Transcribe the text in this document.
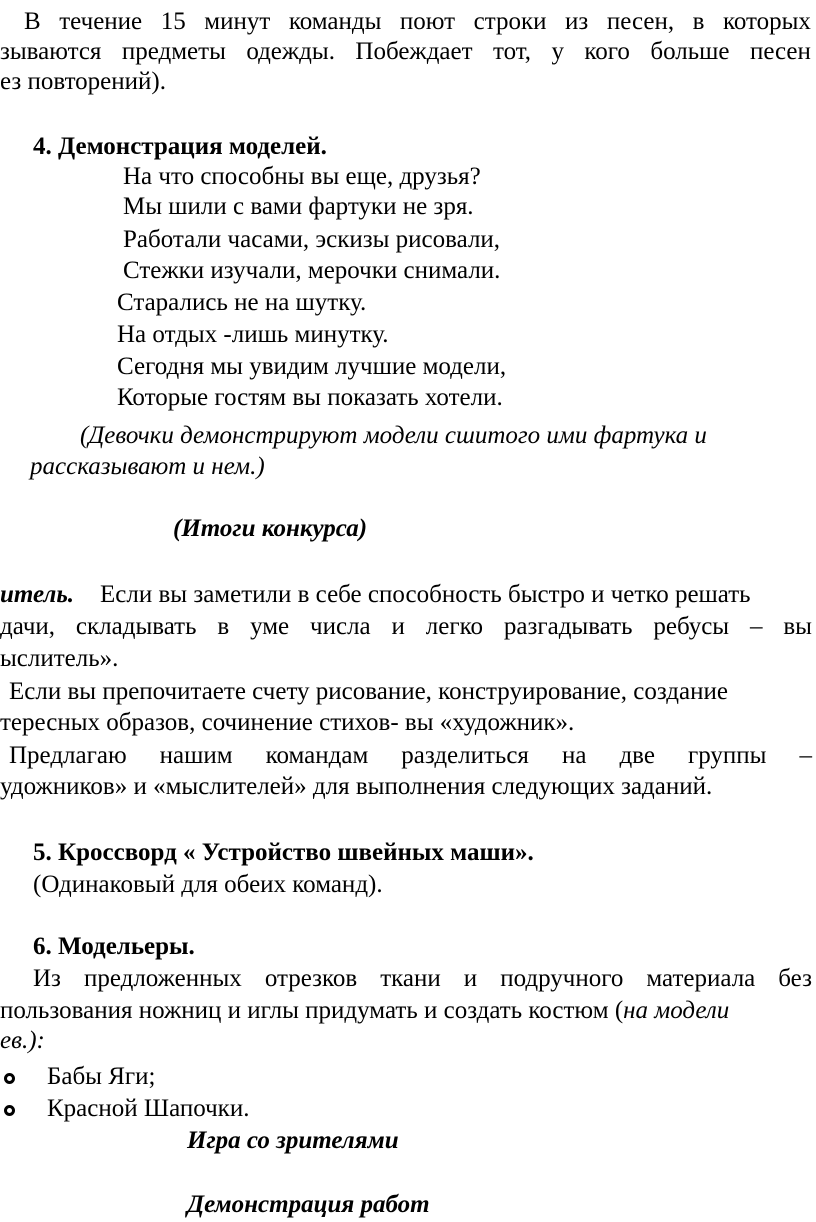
В течение 15 минут команды поют строки из песен, в которых
зываются предметы одежды. Побеждает тот, у кого больше песен
ез повторений).
4. Демонстрация моделей.
На что способны вы еще, друзья?
Мы шили с вами фартуки не зря.
Работали часами, эскизы рисовали,
Стежки изучали, мерочки снимали.
Старались не на шутку.
На отдых -лишь минутку.
Сегодня мы увидим лучшие модели,
Которые гостям вы показать хотели.
(Девочки демонстрируют модели сшитого ими фартука и
рассказывают и нем.)
(Итоги конкурса)
итель. Если вы заметили в себе способность быстро и четко решать
дачи, складывать в уме числа и легко разгадывать ребусы – вы
ыслитель».
Если вы препочитаете счету рисование, конструирование, создание
тересных образов, сочинение стихов- вы «художник».
Предлагаю нашим командам разделиться на две группы –
удожников» и «мыслителей» для выполнения следующих заданий.
5. Кроссворд « Устройство швейных маши».
(Одинаковый для обеих команд).
6. Модельеры.
Из предложенных отрезков ткани и подручного материала без
пользования ножниц и иглы придумать и создать костюм (на модели
ев.):
Бабы Яги;
Красной Шапочки.
Игра со зрителями
Демонстрация работ
